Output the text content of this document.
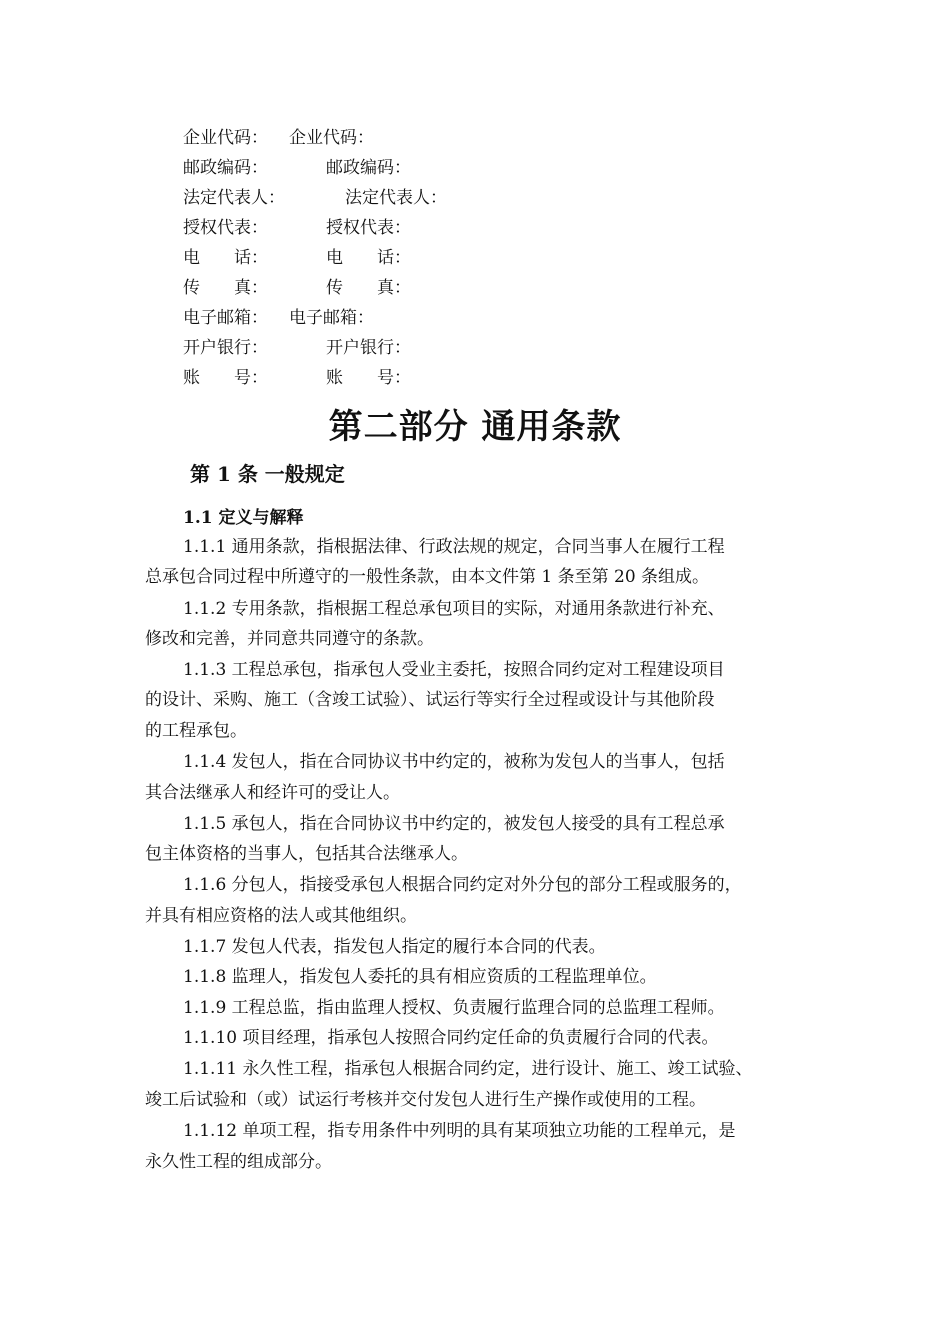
企业代码： 企业代码：
邮政编码：	邮政编码：
法定代表人：	法定代表人：
授权代表：	授权代表：
电　　话：	电　　话：
传　　真：	传　　真：
电子邮箱： 电子邮箱：
开户银行：	开户银行：
账　　号：	账　　号：
第二部分 通用条款
第 1 条 一般规定
1.1 定义与解释
1.1.1 通用条款，指根据法律、行政法规的规定，合同当事人在履行工程
总承包合同过程中所遵守的一般性条款，由本文件第 1 条至第 20 条组成。
1.1.2 专用条款，指根据工程总承包项目的实际，对通用条款进行补充、
修改和完善，并同意共同遵守的条款。
1.1.3 工程总承包，指承包人受业主委托，按照合同约定对工程建设项目
的设计、采购、施工（含竣工试验）、试运行等实行全过程或设计与其他阶段
的工程承包。
1.1.4 发包人，指在合同协议书中约定的，被称为发包人的当事人，包括
其合法继承人和经许可的受让人。
1.1.5 承包人，指在合同协议书中约定的，被发包人接受的具有工程总承
包主体资格的当事人，包括其合法继承人。
1.1.6 分包人，指接受承包人根据合同约定对外分包的部分工程或服务的，
并具有相应资格的法人或其他组织。
1.1.7 发包人代表，指发包人指定的履行本合同的代表。
1.1.8 监理人，指发包人委托的具有相应资质的工程监理单位。
1.1.9 工程总监，指由监理人授权、负责履行监理合同的总监理工程师。
1.1.10 项目经理，指承包人按照合同约定任命的负责履行合同的代表。
1.1.11 永久性工程，指承包人根据合同约定，进行设计、施工、竣工试验、
竣工后试验和（或）试运行考核并交付发包人进行生产操作或使用的工程。
1.1.12 单项工程，指专用条件中列明的具有某项独立功能的工程单元，是
永久性工程的组成部分。
